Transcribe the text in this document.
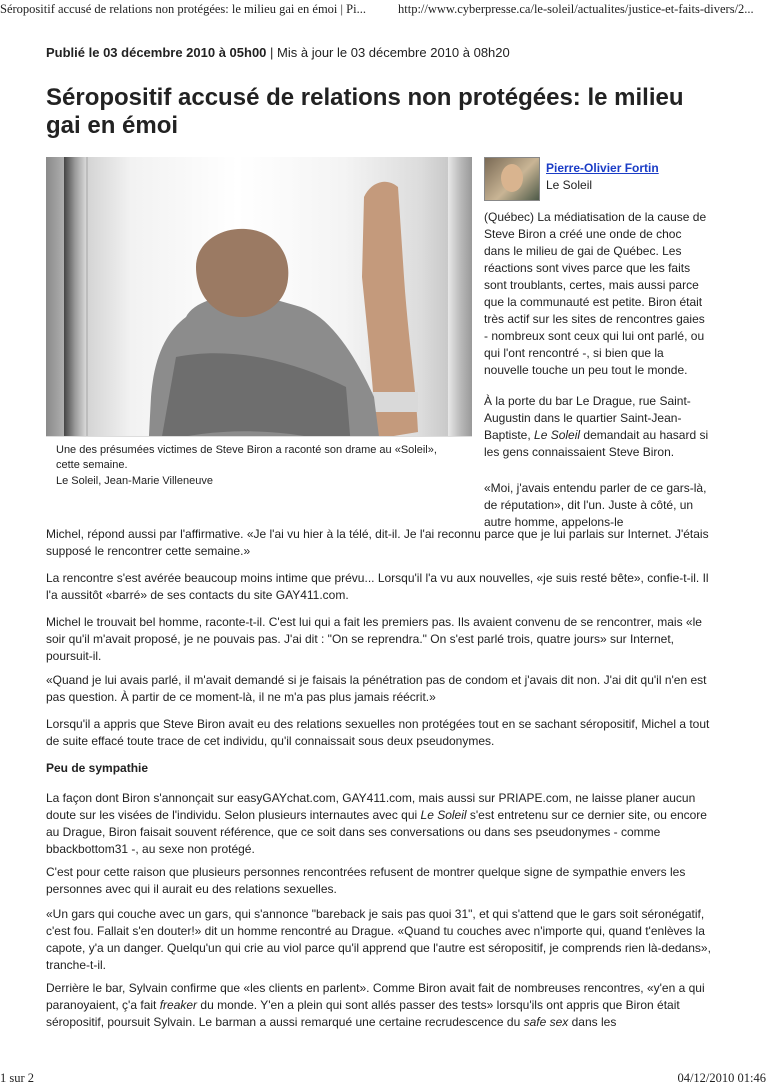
Séropositif accusé de relations non protégées: le milieu gai en émoi | Pi...	http://www.cyberpresse.ca/le-soleil/actualites/justice-et-faits-divers/2...
Publié le 03 décembre 2010 à 05h00 | Mis à jour le 03 décembre 2010 à 08h20
Séropositif accusé de relations non protégées: le milieu gai en émoi
Une des présumées victimes de Steve Biron a raconté son drame au «Soleil», cette semaine.
Le Soleil, Jean-Marie Villeneuve
Pierre-Olivier Fortin
Le Soleil

(Québec) La médiatisation de la cause de Steve Biron a créé une onde de choc dans le milieu de gai de Québec. Les réactions sont vives parce que les faits sont troublants, certes, mais aussi parce que la communauté est petite. Biron était très actif sur les sites de rencontres gaies - nombreux sont ceux qui lui ont parlé, ou qui l'ont rencontré -, si bien que la nouvelle touche un peu tout le monde.

À la porte du bar Le Drague, rue Saint-Augustin dans le quartier Saint-Jean-Baptiste, Le Soleil demandait au hasard si les gens connaissaient Steve Biron.

«Moi, j'avais entendu parler de ce gars-là, de réputation», dit l'un. Juste à côté, un autre homme, appelons-le

Michel, répond aussi par l'affirmative. «Je l'ai vu hier à la télé, dit-il. Je l'ai reconnu parce que je lui parlais sur Internet. J'étais supposé le rencontrer cette semaine.»

La rencontre s'est avérée beaucoup moins intime que prévu... Lorsqu'il l'a vu aux nouvelles, «je suis resté bête», confie-t-il. Il l'a aussitôt «barré» de ses contacts du site GAY411.com.

Michel le trouvait bel homme, raconte-t-il. C'est lui qui a fait les premiers pas. Ils avaient convenu de se rencontrer, mais «le soir qu'il m'avait proposé, je ne pouvais pas. J'ai dit : "On se reprendra." On s'est parlé trois, quatre jours» sur Internet, poursuit-il.

«Quand je lui avais parlé, il m'avait demandé si je faisais la pénétration pas de condom et j'avais dit non. J'ai dit qu'il n'en est pas question. À partir de ce moment-là, il ne m'a pas plus jamais réécrit.»

Lorsqu'il a appris que Steve Biron avait eu des relations sexuelles non protégées tout en se sachant séropositif, Michel a tout de suite effacé toute trace de cet individu, qu'il connaissait sous deux pseudonymes.

Peu de sympathie

La façon dont Biron s'annonçait sur easyGAYchat.com, GAY411.com, mais aussi sur PRIAPE.com, ne laisse planer aucun doute sur les visées de l'individu. Selon plusieurs internautes avec qui Le Soleil s'est entretenu sur ce dernier site, ou encore au Drague, Biron faisait souvent référence, que ce soit dans ses conversations ou dans ses pseudonymes - comme bbackbottom31 -, au sexe non protégé.

C'est pour cette raison que plusieurs personnes rencontrées refusent de montrer quelque signe de sympathie envers les personnes avec qui il aurait eu des relations sexuelles.

«Un gars qui couche avec un gars, qui s'annonce "bareback je sais pas quoi 31", et qui s'attend que le gars soit séronégatif, c'est fou. Fallait s'en douter!» dit un homme rencontré au Drague. «Quand tu couches avec n'importe qui, quand t'enlèves la capote, y'a un danger. Quelqu'un qui crie au viol parce qu'il apprend que l'autre est séropositif, je comprends rien là-dedans», tranche-t-il.

Derrière le bar, Sylvain confirme que «les clients en parlent». Comme Biron avait fait de nombreuses rencontres, «y'en a qui paranoyaient, ç'a fait freaker du monde. Y'en a plein qui sont allés passer des tests» lorsqu'ils ont appris que Biron était séropositif, poursuit Sylvain. Le barman a aussi remarqué une certaine recrudescence du safe sex dans les

1 sur 2	04/12/2010 01:46
